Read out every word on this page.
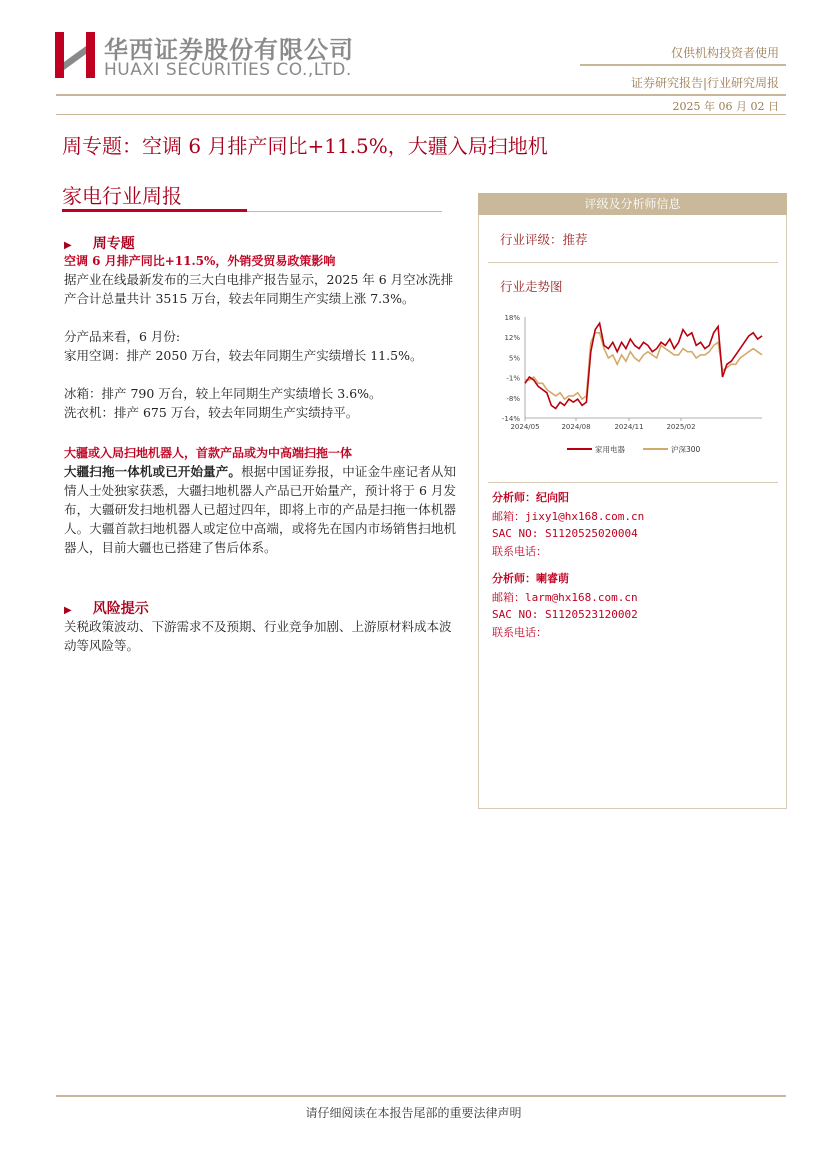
华西证券股份有限公司
HUAXI SECURITIES CO.,LTD.
仅供机构投资者使用
证券研究报告|行业研究周报
2025 年 06 月 02 日
周专题：空调 6 月排产同比+11.5%，大疆入局扫地机
家电行业周报
▶ 周专题
空调 6 月排产同比+11.5%，外销受贸易政策影响
据产业在线最新发布的三大白电排产报告显示，2025 年 6 月空冰洗排产合计总量共计 3515 万台，较去年同期生产实绩上涨 7.3%。
分产品来看，6 月份:
家用空调：排产 2050 万台，较去年同期生产实绩增长 11.5%。
冰箱：排产 790 万台，较上年同期生产实绩增长 3.6%。
洗衣机：排产 675 万台，较去年同期生产实绩持平。
大疆或入局扫地机器人，首款产品或为中高端扫拖一体
大疆扫拖一体机或已开始量产。根据中国证券报，中证金牛座记者从知情人士处独家获悉，大疆扫地机器人产品已开始量产，预计将于 6 月发布，大疆研发扫地机器人已超过四年，即将上市的产品是扫拖一体机器人。大疆首款扫地机器人或定位中高端，或将先在国内市场销售扫地机器人，目前大疆也已搭建了售后体系。
▶ 风险提示
关税政策波动、下游需求不及预期、行业竞争加剧、上游原材料成本波动等风险等。
评级及分析师信息
行业评级：推荐
行业走势图
18%
12%
5%
-1%
-8%
-14%
2024/05	2024/08	2024/11	2025/02
家用电器	沪深300
分析师：纪向阳
邮箱：jixy1@hx168.com.cn
SAC NO: S1120525020004
联系电话：
分析师：喇睿萌
邮箱：larm@hx168.com.cn
SAC NO: S1120523120002
联系电话：
请仔细阅读在本报告尾部的重要法律声明
